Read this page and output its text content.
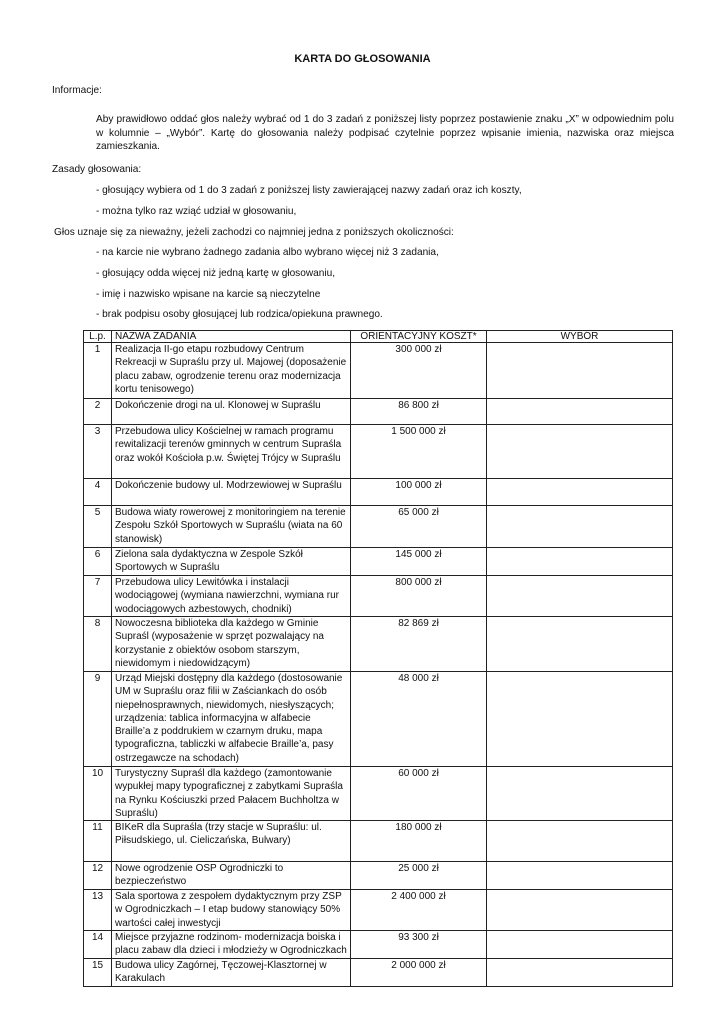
KARTA DO GŁOSOWANIA
Informacje:
Aby prawidłowo oddać głos należy wybrać od 1 do 3 zadań z poniższej listy poprzez postawienie znaku „X” w odpowiednim polu w kolumnie – „Wybór”. Kartę do głosowania należy podpisać czytelnie poprzez wpisanie imienia, nazwiska oraz miejsca zamieszkania.
Zasady głosowania:
- głosujący wybiera od 1 do 3 zadań z poniższej listy zawierającej nazwy zadań oraz ich koszty,
- można tylko raz wziąć udział w głosowaniu,
Głos uznaje się za nieważny, jeżeli zachodzi co najmniej jedna z poniższych okoliczności:
- na karcie nie wybrano żadnego zadania albo wybrano więcej niż 3 zadania,
- głosujący odda więcej niż jedną kartę w głosowaniu,
- imię i nazwisko wpisane na karcie są nieczytelne
- brak podpisu osoby głosującej lub rodzica/opiekuna prawnego.
L.p.	NAZWA ZADANIA	ORIENTACYJNY KOSZT*	WYBÓR
1	Realizacja II-go etapu rozbudowy Centrum Rekreacji w Supraślu przy ul. Majowej (doposażenie placu zabaw, ogrodzenie terenu oraz modernizacja kortu tenisowego)	300 000 zł	
2	Dokończenie drogi na ul. Klonowej w Supraślu	86 800 zł	
3	Przebudowa ulicy Kościelnej w ramach programu rewitalizacji terenów gminnych w centrum Supraśla oraz wokół Kościoła p.w. Świętej Trójcy w Supraślu	1 500 000 zł	
4	Dokończenie budowy ul. Modrzewiowej w Supraślu	100 000 zł	
5	Budowa wiaty rowerowej z monitoringiem na terenie Zespołu Szkół Sportowych w Supraślu (wiata na 60 stanowisk)	65 000 zł	
6	Zielona sala dydaktyczna w Zespole Szkół Sportowych w Supraślu	145 000 zł	
7	Przebudowa ulicy Lewitówka i instalacji wodociągowej (wymiana nawierzchni, wymiana rur wodociągowych azbestowych, chodniki)	800 000 zł	
8	Nowoczesna biblioteka dla każdego w Gminie Supraśl (wyposażenie w sprzęt pozwalający na korzystanie z obiektów osobom starszym, niewidomym i niedowidzącym)	82 869 zł	
9	Urząd Miejski dostępny dla każdego (dostosowanie UM w Supraślu oraz filii w Zaściankach do osób niepełnosprawnych, niewidomych, niesłyszących; urządzenia: tablica informacyjna w alfabecie Braille’a z poddrukiem w czarnym druku, mapa typograficzna, tabliczki w alfabecie Braille’a, pasy ostrzegawcze na schodach)	48 000 zł	
10	Turystyczny Supraśl dla każdego (zamontowanie wypukłej mapy typograficznej z zabytkami Supraśla na Rynku Kościuszki przed Pałacem Buchholtza w Supraślu)	60 000 zł	
11	BIKeR dla Supraśla (trzy stacje w Supraślu: ul. Piłsudskiego, ul. Cieliczańska, Bulwary)	180 000 zł	
12	Nowe ogrodzenie OSP Ogrodniczki to bezpieczeństwo	25 000 zł	
13	Sala sportowa z zespołem dydaktycznym przy ZSP w Ogrodniczkach – I etap budowy stanowiący 50% wartości całej inwestycji	2 400 000 zł	
14	Miejsce przyjazne rodzinom- modernizacja boiska i placu zabaw dla dzieci i młodzieży w Ogrodniczkach	93 300 zł	
15	Budowa ulicy Zagórnej, Tęczowej-Klasztornej w Karakulach	2 000 000 zł	
